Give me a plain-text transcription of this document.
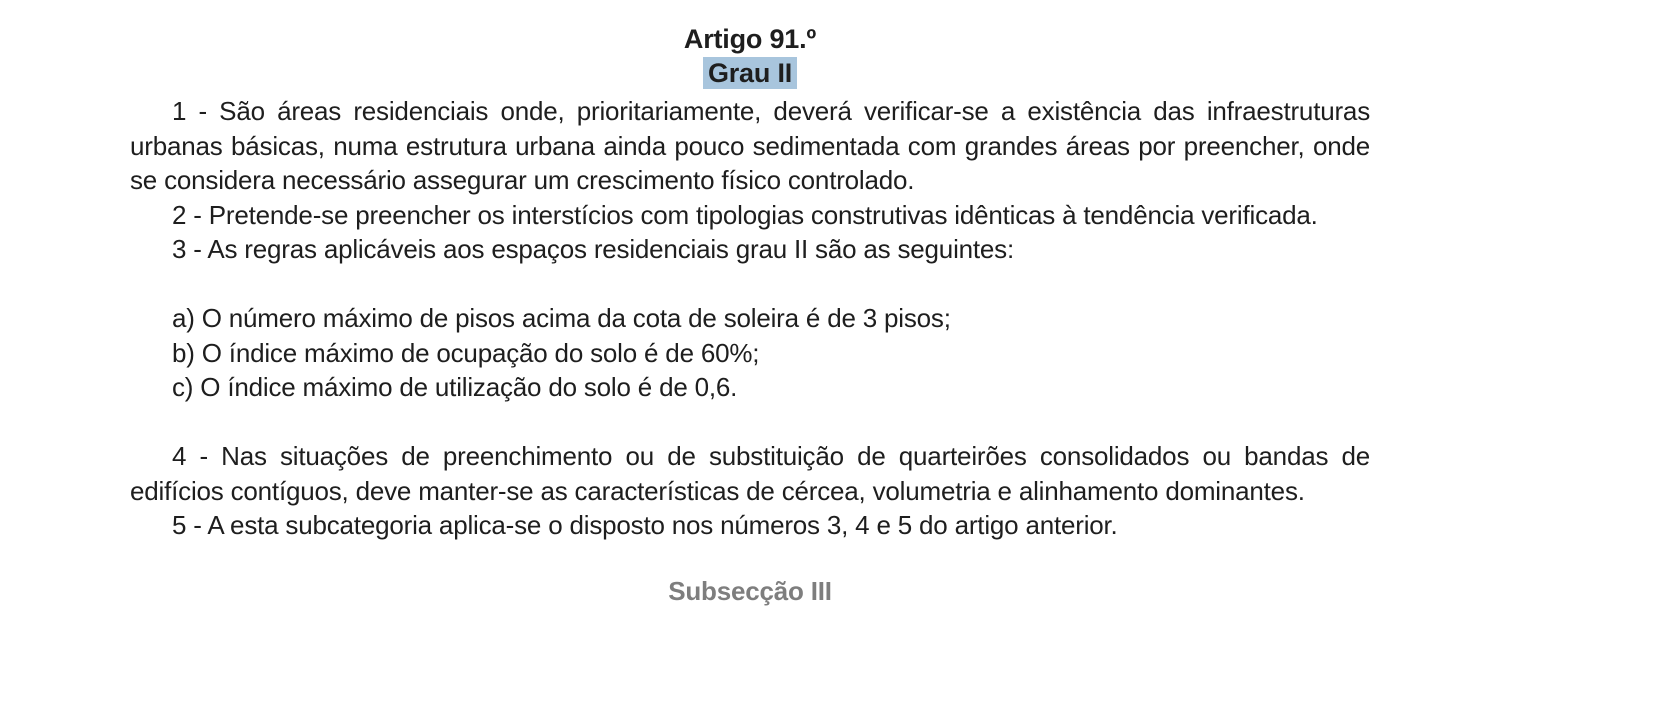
Artigo 91.º
Grau II

1 - São áreas residenciais onde, prioritariamente, deverá verificar-se a existência das infraestruturas urbanas básicas, numa estrutura urbana ainda pouco sedimentada com grandes áreas por preencher, onde se considera necessário assegurar um crescimento físico controlado.

2 - Pretende-se preencher os interstícios com tipologias construtivas idênticas à tendência verificada.

3 - As regras aplicáveis aos espaços residenciais grau II são as seguintes:

a) O número máximo de pisos acima da cota de soleira é de 3 pisos;

b) O índice máximo de ocupação do solo é de 60%;

c) O índice máximo de utilização do solo é de 0,6.

4 - Nas situações de preenchimento ou de substituição de quarteirões consolidados ou bandas de edifícios contíguos, deve manter-se as características de cércea, volumetria e alinhamento dominantes.

5 - A esta subcategoria aplica-se o disposto nos números 3, 4 e 5 do artigo anterior.

Subsecção III
